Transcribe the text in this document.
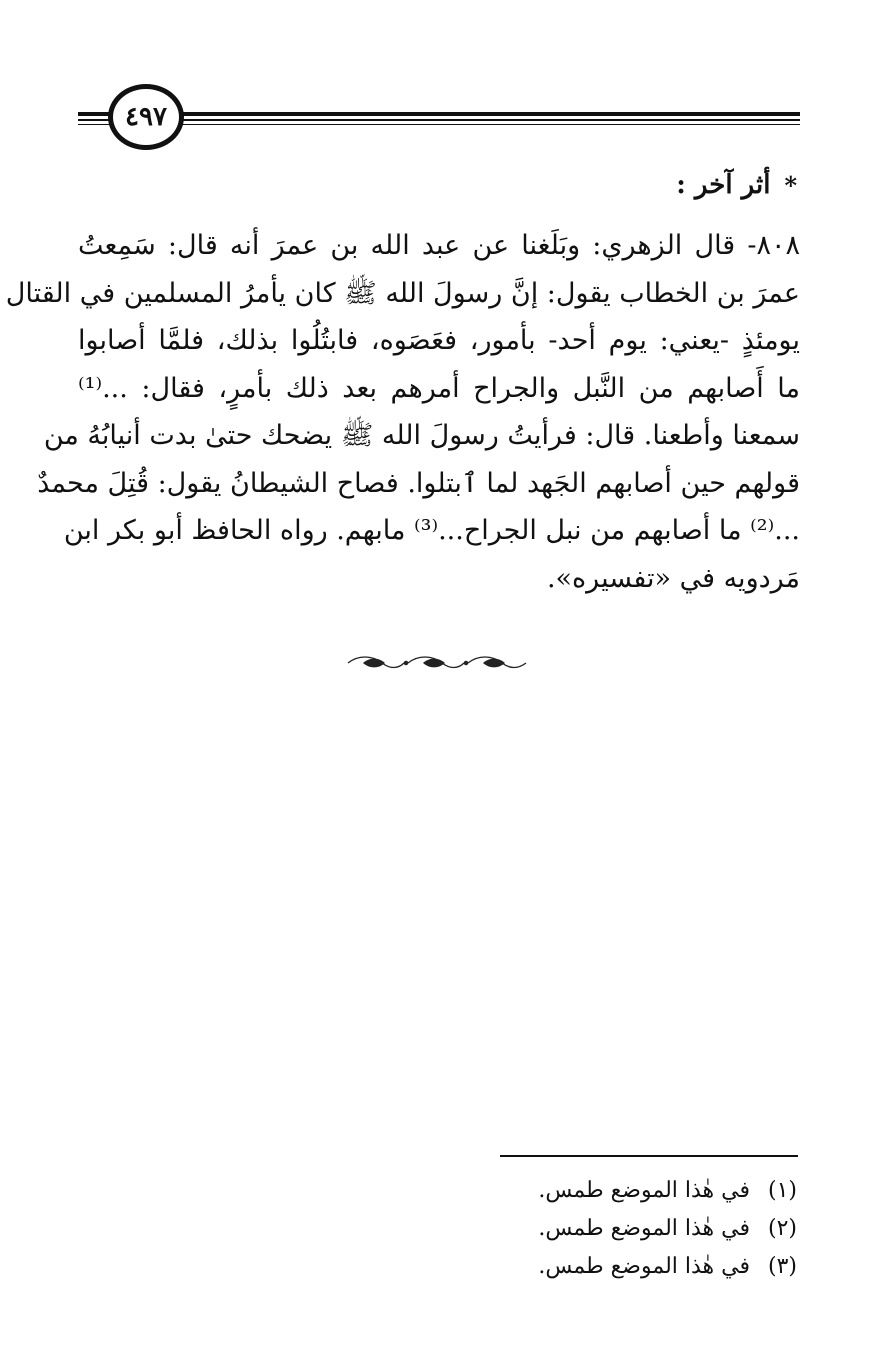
٤٩٧
*
أثر آخر :
٨٠٨- قال الزهري: وبَلَغنا عن عبد الله بن عمرَ أنه قال: سَمِعتُ
عمرَ بن الخطاب يقول: إنَّ رسولَ الله ﷺ كان يأمرُ المسلمين في القتال
يومئذٍ -يعني: يوم أحد- بأمور، فعَصَوه، فابتُلُوا بذلك، فلمَّا أصابوا
ما أَصابهم من النَّبل والجراح أمرهم بعد ذلك بأمرٍ، فقال: ...⁽¹⁾
سمعنا وأطعنا. قال: فرأيتُ رسولَ الله ﷺ يضحك حتىٰ بدت أنيابُهُ من
قولهم حين أصابهم الجَهد لما ٱبتلوا. فصاح الشيطانُ يقول: قُتِلَ محمدٌ
...⁽²⁾ ما أصابهم من نبل الجراح...⁽³⁾ مابهم. رواه الحافظ أبو بكر ابن
مَردويه في «تفسيره».
(١)
في هٰذا الموضع طمس.
(٢)
في هٰذا الموضع طمس.
(٣)
في هٰذا الموضع طمس.
